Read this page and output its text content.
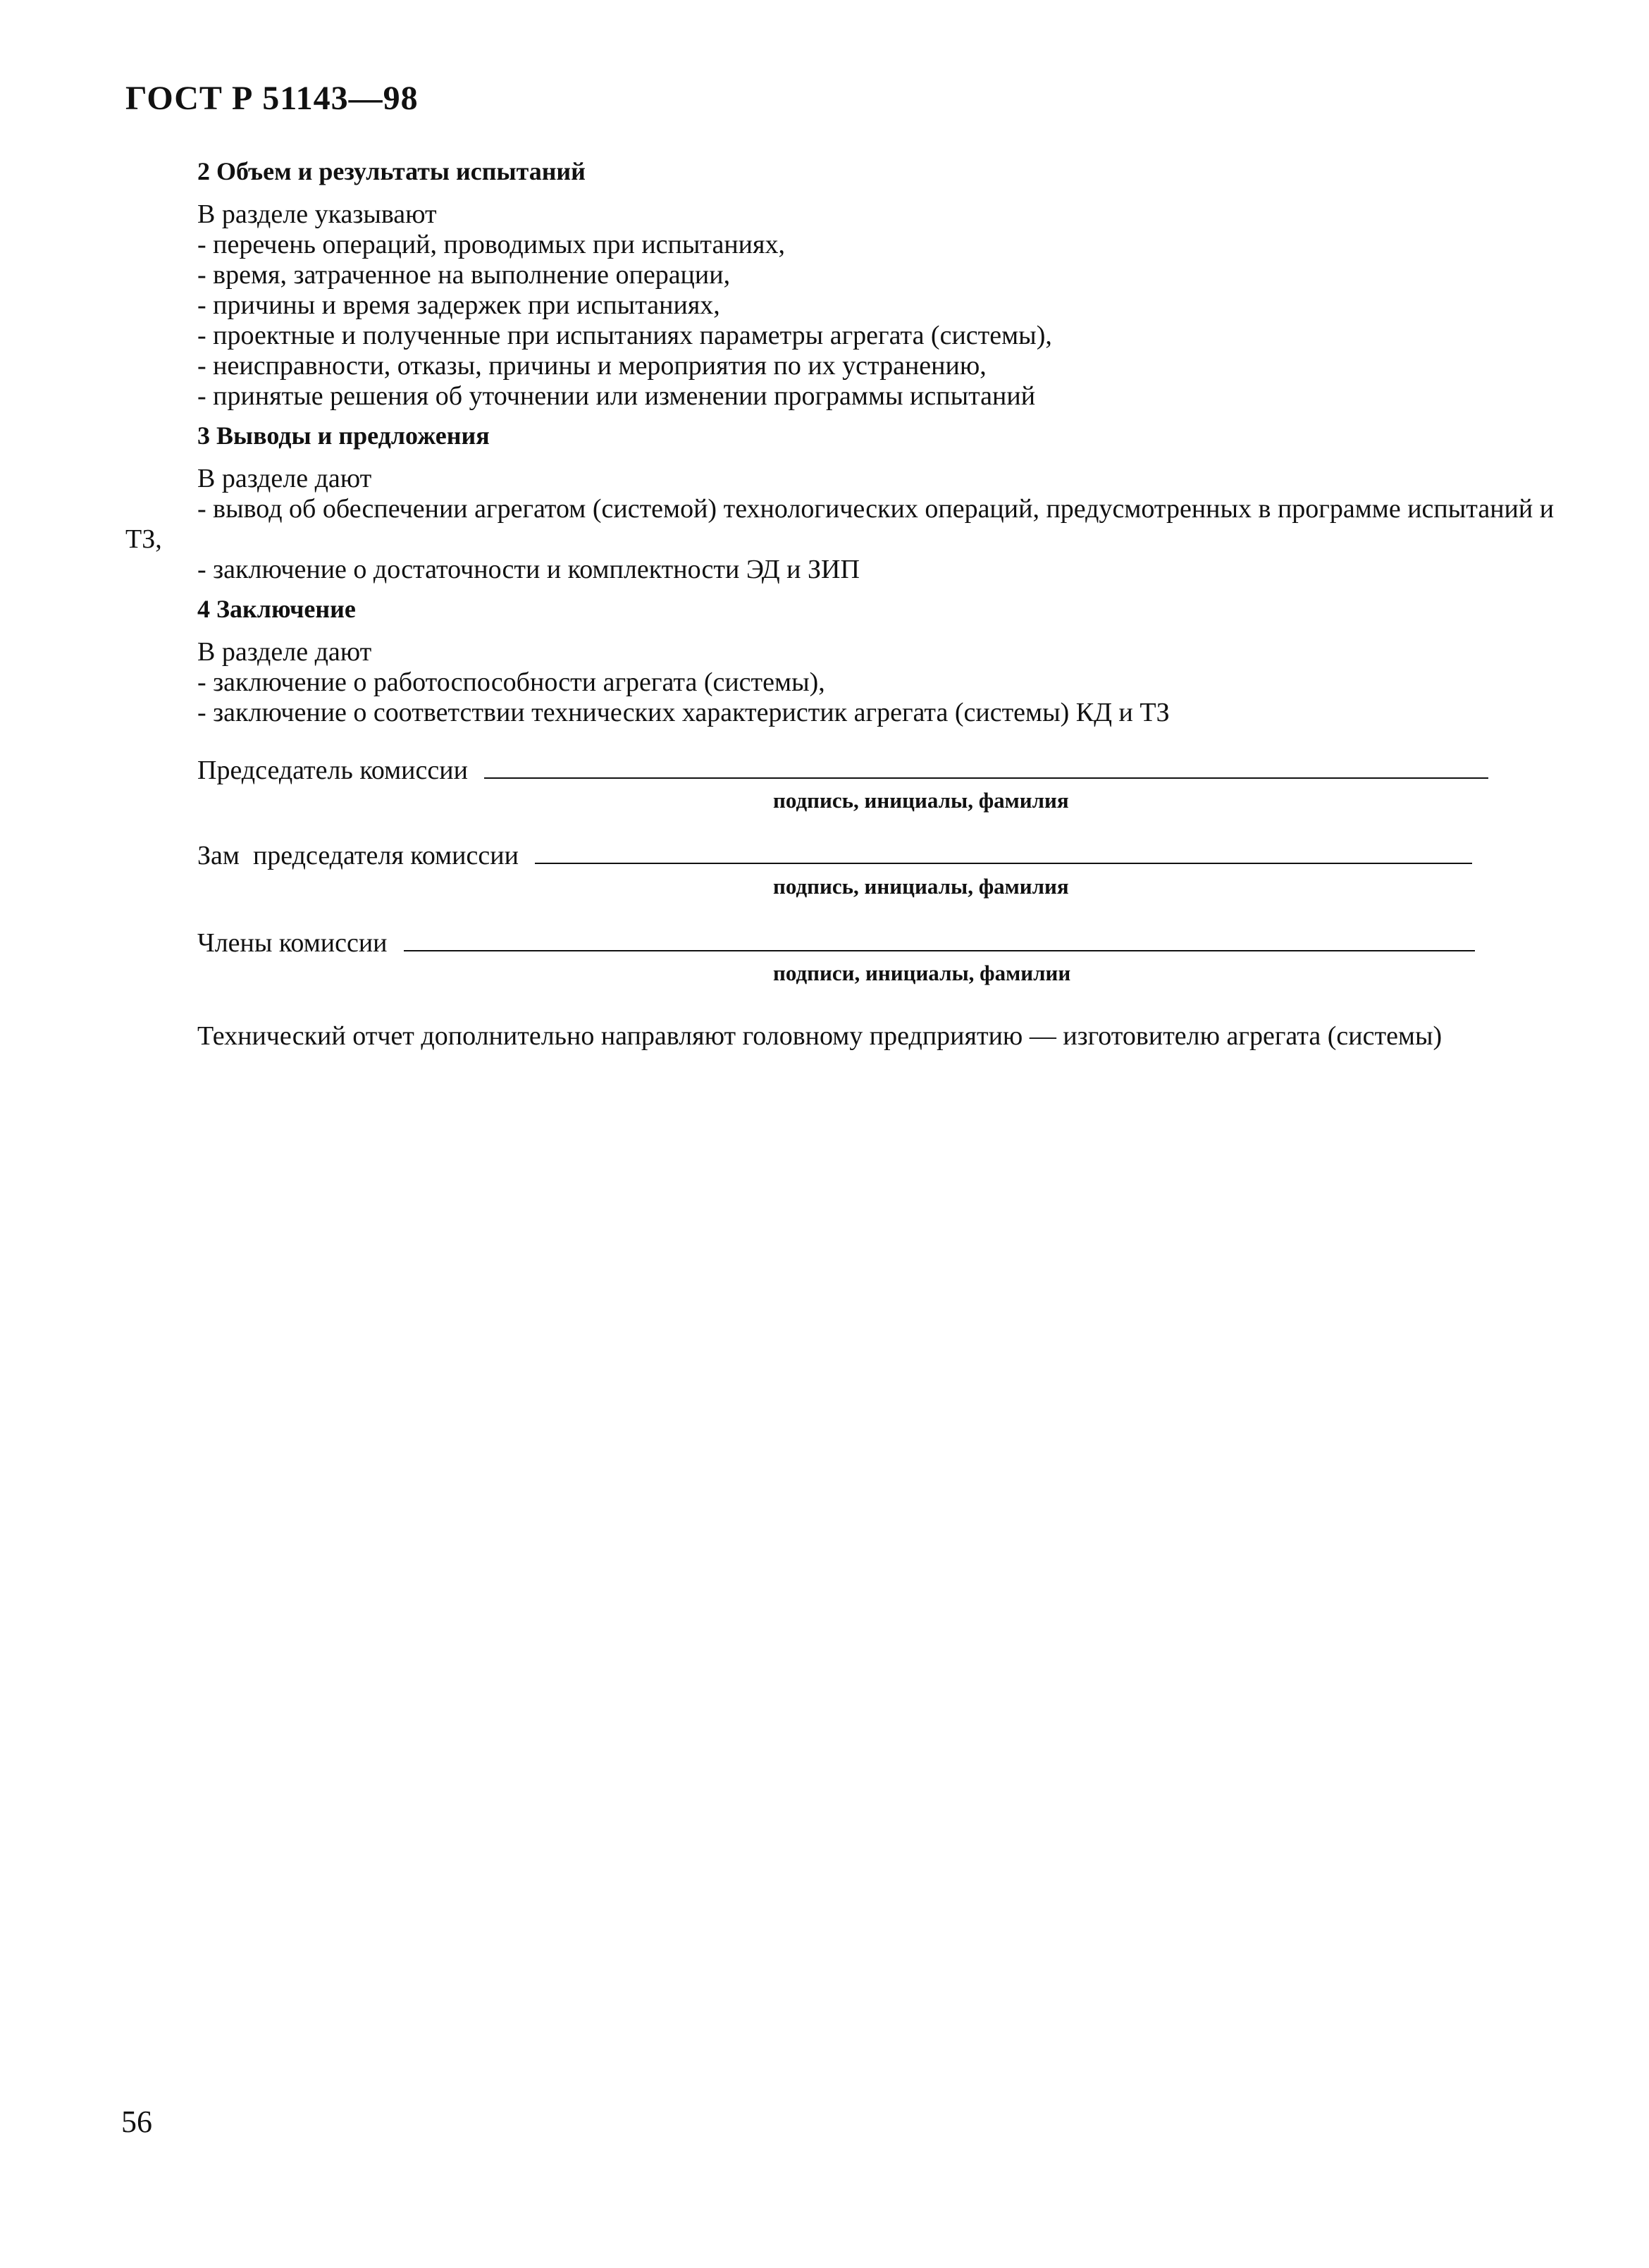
ГОСТ Р 51143—98
2 Объем и результаты испытаний
В разделе указывают
- перечень операций, проводимых при испытаниях,
- время, затраченное на выполнение операции,
- причины и время задержек при испытаниях,
- проектные и полученные при испытаниях параметры агрегата (системы),
- неисправности, отказы, причины и мероприятия по их устранению,
- принятые решения об уточнении или изменении программы испытаний
3 Выводы и предложения
В разделе дают
- вывод об обеспечении агрегатом (системой) технологических операций, предусмотренных в программе испытаний и ТЗ,
- заключение о достаточности и комплектности ЭД и ЗИП
4 Заключение
В разделе дают
- заключение о работоспособности агрегата (системы),
- заключение о соответствии технических характеристик агрегата (системы) КД и ТЗ
Председатель комиссии
подпись, инициалы, фамилия
Зам  председателя комиссии
подпись, инициалы, фамилия
Члены комиссии
подписи, инициалы, фамилии
Технический отчет дополнительно направляют головному предприятию — изготовителю агрегата (системы)
56
